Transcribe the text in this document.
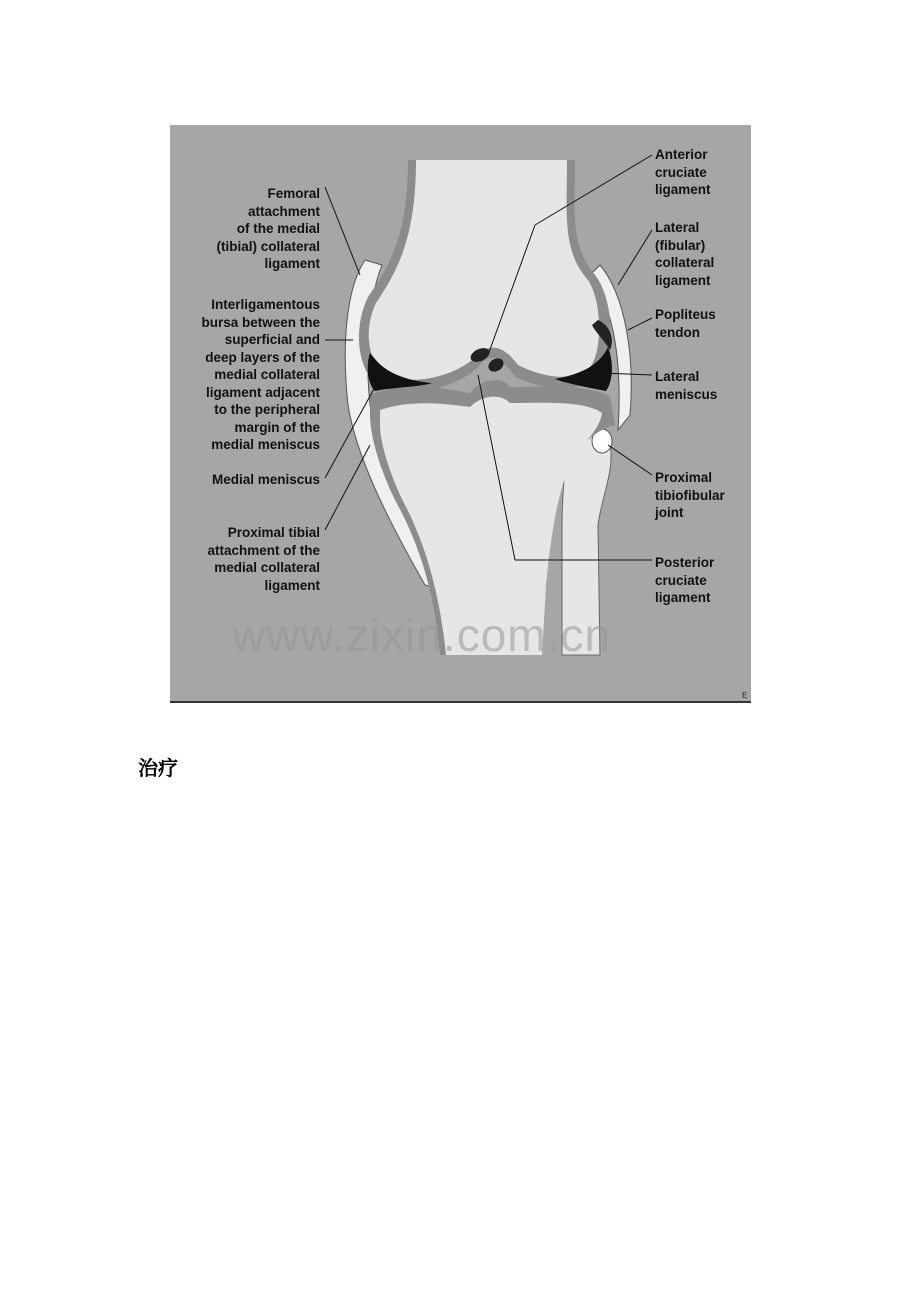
Femoral
attachment
of the medial
(tibial) collateral
ligament
Interligamentous
bursa between the
superficial and
deep layers of the
medial collateral
ligament adjacent
to the peripheral
margin of the
medial meniscus
Medial meniscus
Proximal tibial
attachment of the
medial collateral
ligament
Anterior
cruciate
ligament
Lateral
(fibular)
collateral
ligament
Popliteus
tendon
Lateral
meniscus
Proximal
tibiofibular
joint
Posterior
cruciate
ligament
www.zixin.com.cn
E
治疗
